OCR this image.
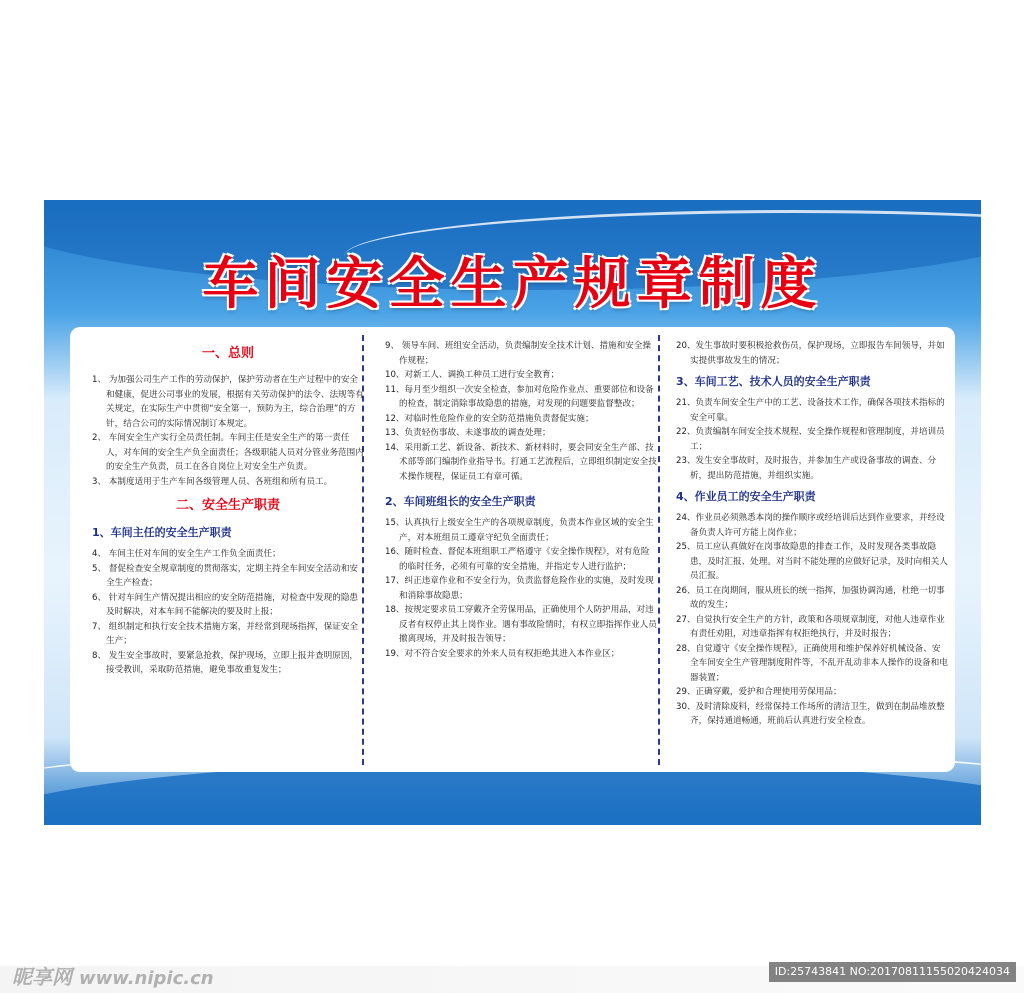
车间安全生产规章制度
一、总则
1、 为加强公司生产工作的劳动保护，保护劳动者在生产过程中的安全和健康，促进公司事业的发展，根据有关劳动保护的法令、法规等有关规定，在实际生产中贯彻“安全第一，预防为主，综合治理”的方针，结合公司的实际情况制订本规定。
2、 车间安全生产实行全员责任制。车间主任是安全生产的第一责任人，对车间的安全生产负全面责任；各级职能人员对分管业务范围内的安全生产负责，员工在各自岗位上对安全生产负责。
3、 本制度适用于生产车间各级管理人员、各班组和所有员工。
二、安全生产职责
1、车间主任的安全生产职责
4、 车间主任对车间的安全生产工作负全面责任；
5、 督促检查安全规章制度的贯彻落实，定期主持全车间安全活动和安全生产检查；
6、 针对车间生产情况提出相应的安全防范措施，对检查中发现的隐患及时解决，对本车间不能解决的要及时上报；
7、 组织制定和执行安全技术措施方案，并经常到现场指挥，保证安全生产；
8、 发生安全事故时，要紧急抢救，保护现场，立即上报并查明原因，接受教训，采取防范措施，避免事故重复发生；
9、 领导车间、班组安全活动，负责编制安全技术计划、措施和安全操作规程；
10、对新工人、调换工种员工进行安全教育；
11、每月至少组织一次安全检查，参加对危险作业点、重要部位和设备的检查，制定消除事故隐患的措施，对发现的问题要监督整改；
12、对临时性危险作业的安全防范措施负责督促实施；
13、负责轻伤事故、未遂事故的调查处理；
14、采用新工艺、新设备、新技术、新材料时，要会同安全生产部、技术部等部门编制作业指导书。打通工艺流程后，立即组织制定安全技术操作规程，保证员工有章可循。
2、车间班组长的安全生产职责
15、认真执行上级安全生产的各项规章制度，负责本作业区域的安全生产，对本班组员工遵章守纪负全面责任；
16、随时检查、督促本班组职工严格遵守《安全操作规程》，对有危险的临时任务，必须有可靠的安全措施，并指定专人进行监护；
17、纠正违章作业和不安全行为，负责监督危险作业的实施，及时发现和消除事故隐患；
18、按规定要求员工穿戴齐全劳保用品，正确使用个人防护用品，对违反者有权停止其上岗作业。遇有事故险情时，有权立即指挥作业人员撤离现场，并及时报告领导；
19、对不符合安全要求的外来人员有权拒绝其进入本作业区；
20、发生事故时要积极抢救伤员，保护现场，立即报告车间领导，并如实提供事故发生的情况；
3、车间工艺、技术人员的安全生产职责
21、负责车间安全生产中的工艺、设备技术工作，确保各项技术指标的安全可靠。
22、负责编制车间安全技术规程、安全操作规程和管理制度，并培训员工；
23、发生安全事故时，及时报告，并参加生产或设备事故的调查、分析，提出防范措施，并组织实施。
4、作业员工的安全生产职责
24、作业员必须熟悉本岗的操作顺序或经培训后达到作业要求，并经设备负责人许可方能上岗作业；
25、员工应认真做好在岗事故隐患的排查工作，及时发现各类事故隐患，及时汇报、处理。对当时不能处理的应做好记录，及时向相关人员汇报。
26、员工在岗期间，服从班长的统一指挥，加强协调沟通，杜绝一切事故的发生；
27、自觉执行安全生产的方针，政策和各项规章制度，对他人违章作业有责任劝阻，对违章指挥有权拒绝执行，并及时报告；
28、自觉遵守《安全操作规程》，正确使用和维护保养好机械设备、安全车间安全生产管理制度附件等，不乱开乱动非本人操作的设备和电器装置；
29、正确穿戴，爱护和合理使用劳保用品；
30、及时清除废料，经常保持工作场所的清洁卫生，做到在制品堆放整齐，保持通道畅通，班前后认真进行安全检查。
昵享网 www.nipic.cn	ID:25743841 NO:20170811155020424034
